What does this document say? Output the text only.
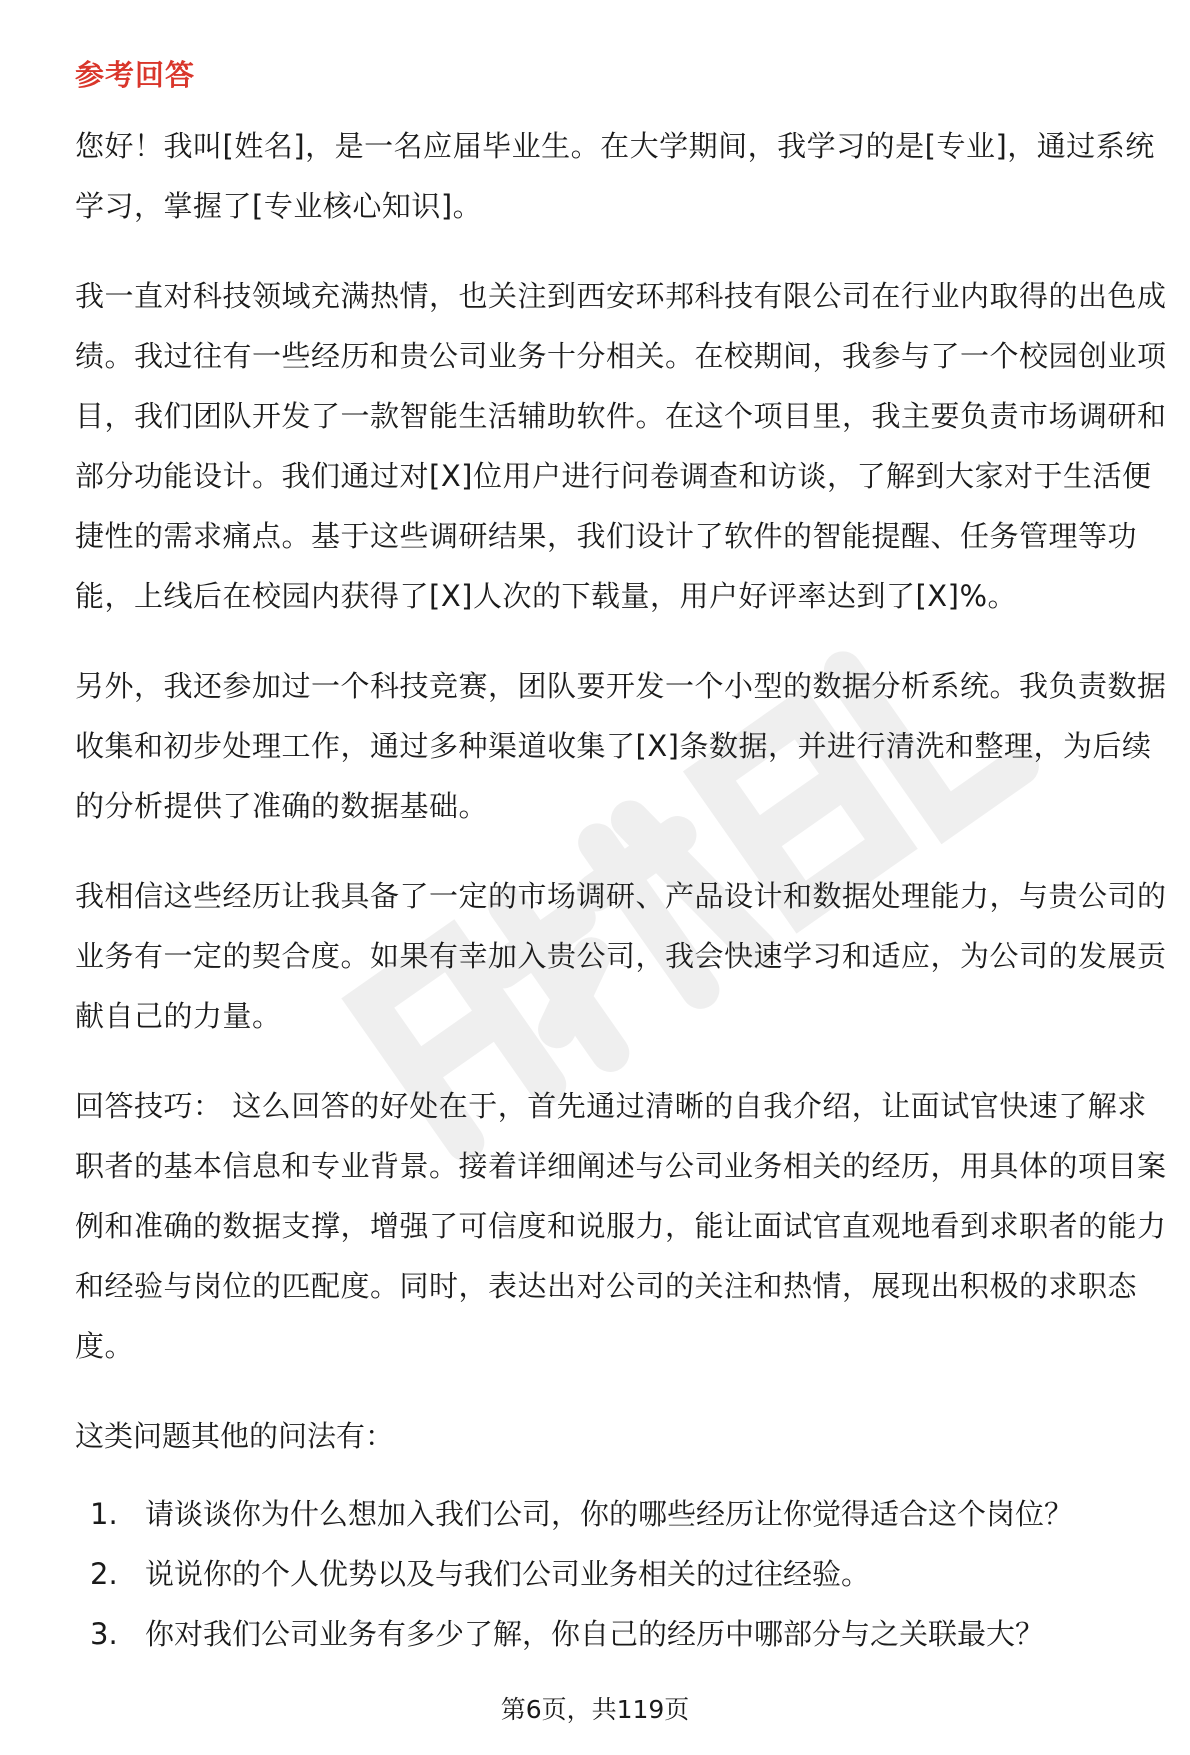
参考回答

您好！我叫[姓名]，是一名应届毕业生。在大学期间，我学习的是[专业]，通过系统学习，掌握了[专业核心知识]。

我一直对科技领域充满热情，也关注到西安环邦科技有限公司在行业内取得的出色成绩。我过往有一些经历和贵公司业务十分相关。在校期间，我参与了一个校园创业项目，我们团队开发了一款智能生活辅助软件。在这个项目里，我主要负责市场调研和部分功能设计。我们通过对[X]位用户进行问卷调查和访谈，了解到大家对于生活便捷性的需求痛点。基于这些调研结果，我们设计了软件的智能提醒、任务管理等功能，上线后在校园内获得了[X]人次的下载量，用户好评率达到了[X]%。

另外，我还参加过一个科技竞赛，团队要开发一个小型的数据分析系统。我负责数据收集和初步处理工作，通过多种渠道收集了[X]条数据，并进行清洗和整理，为后续的分析提供了准确的数据基础。

我相信这些经历让我具备了一定的市场调研、产品设计和数据处理能力，与贵公司的业务有一定的契合度。如果有幸加入贵公司，我会快速学习和适应，为公司的发展贡献自己的力量。

回答技巧： 这么回答的好处在于，首先通过清晰的自我介绍，让面试官快速了解求职者的基本信息和专业背景。接着详细阐述与公司业务相关的经历，用具体的项目案例和准确的数据支撑，增强了可信度和说服力，能让面试官直观地看到求职者的能力和经验与岗位的匹配度。同时，表达出对公司的关注和热情，展现出积极的求职态度。

这类问题其他的问法有：
1. 请谈谈你为什么想加入我们公司，你的哪些经历让你觉得适合这个岗位？
2. 说说你的个人优势以及与我们公司业务相关的过往经验。
3. 你对我们公司业务有多少了解，你自己的经历中哪部分与之关联最大？
第6页，共119页
